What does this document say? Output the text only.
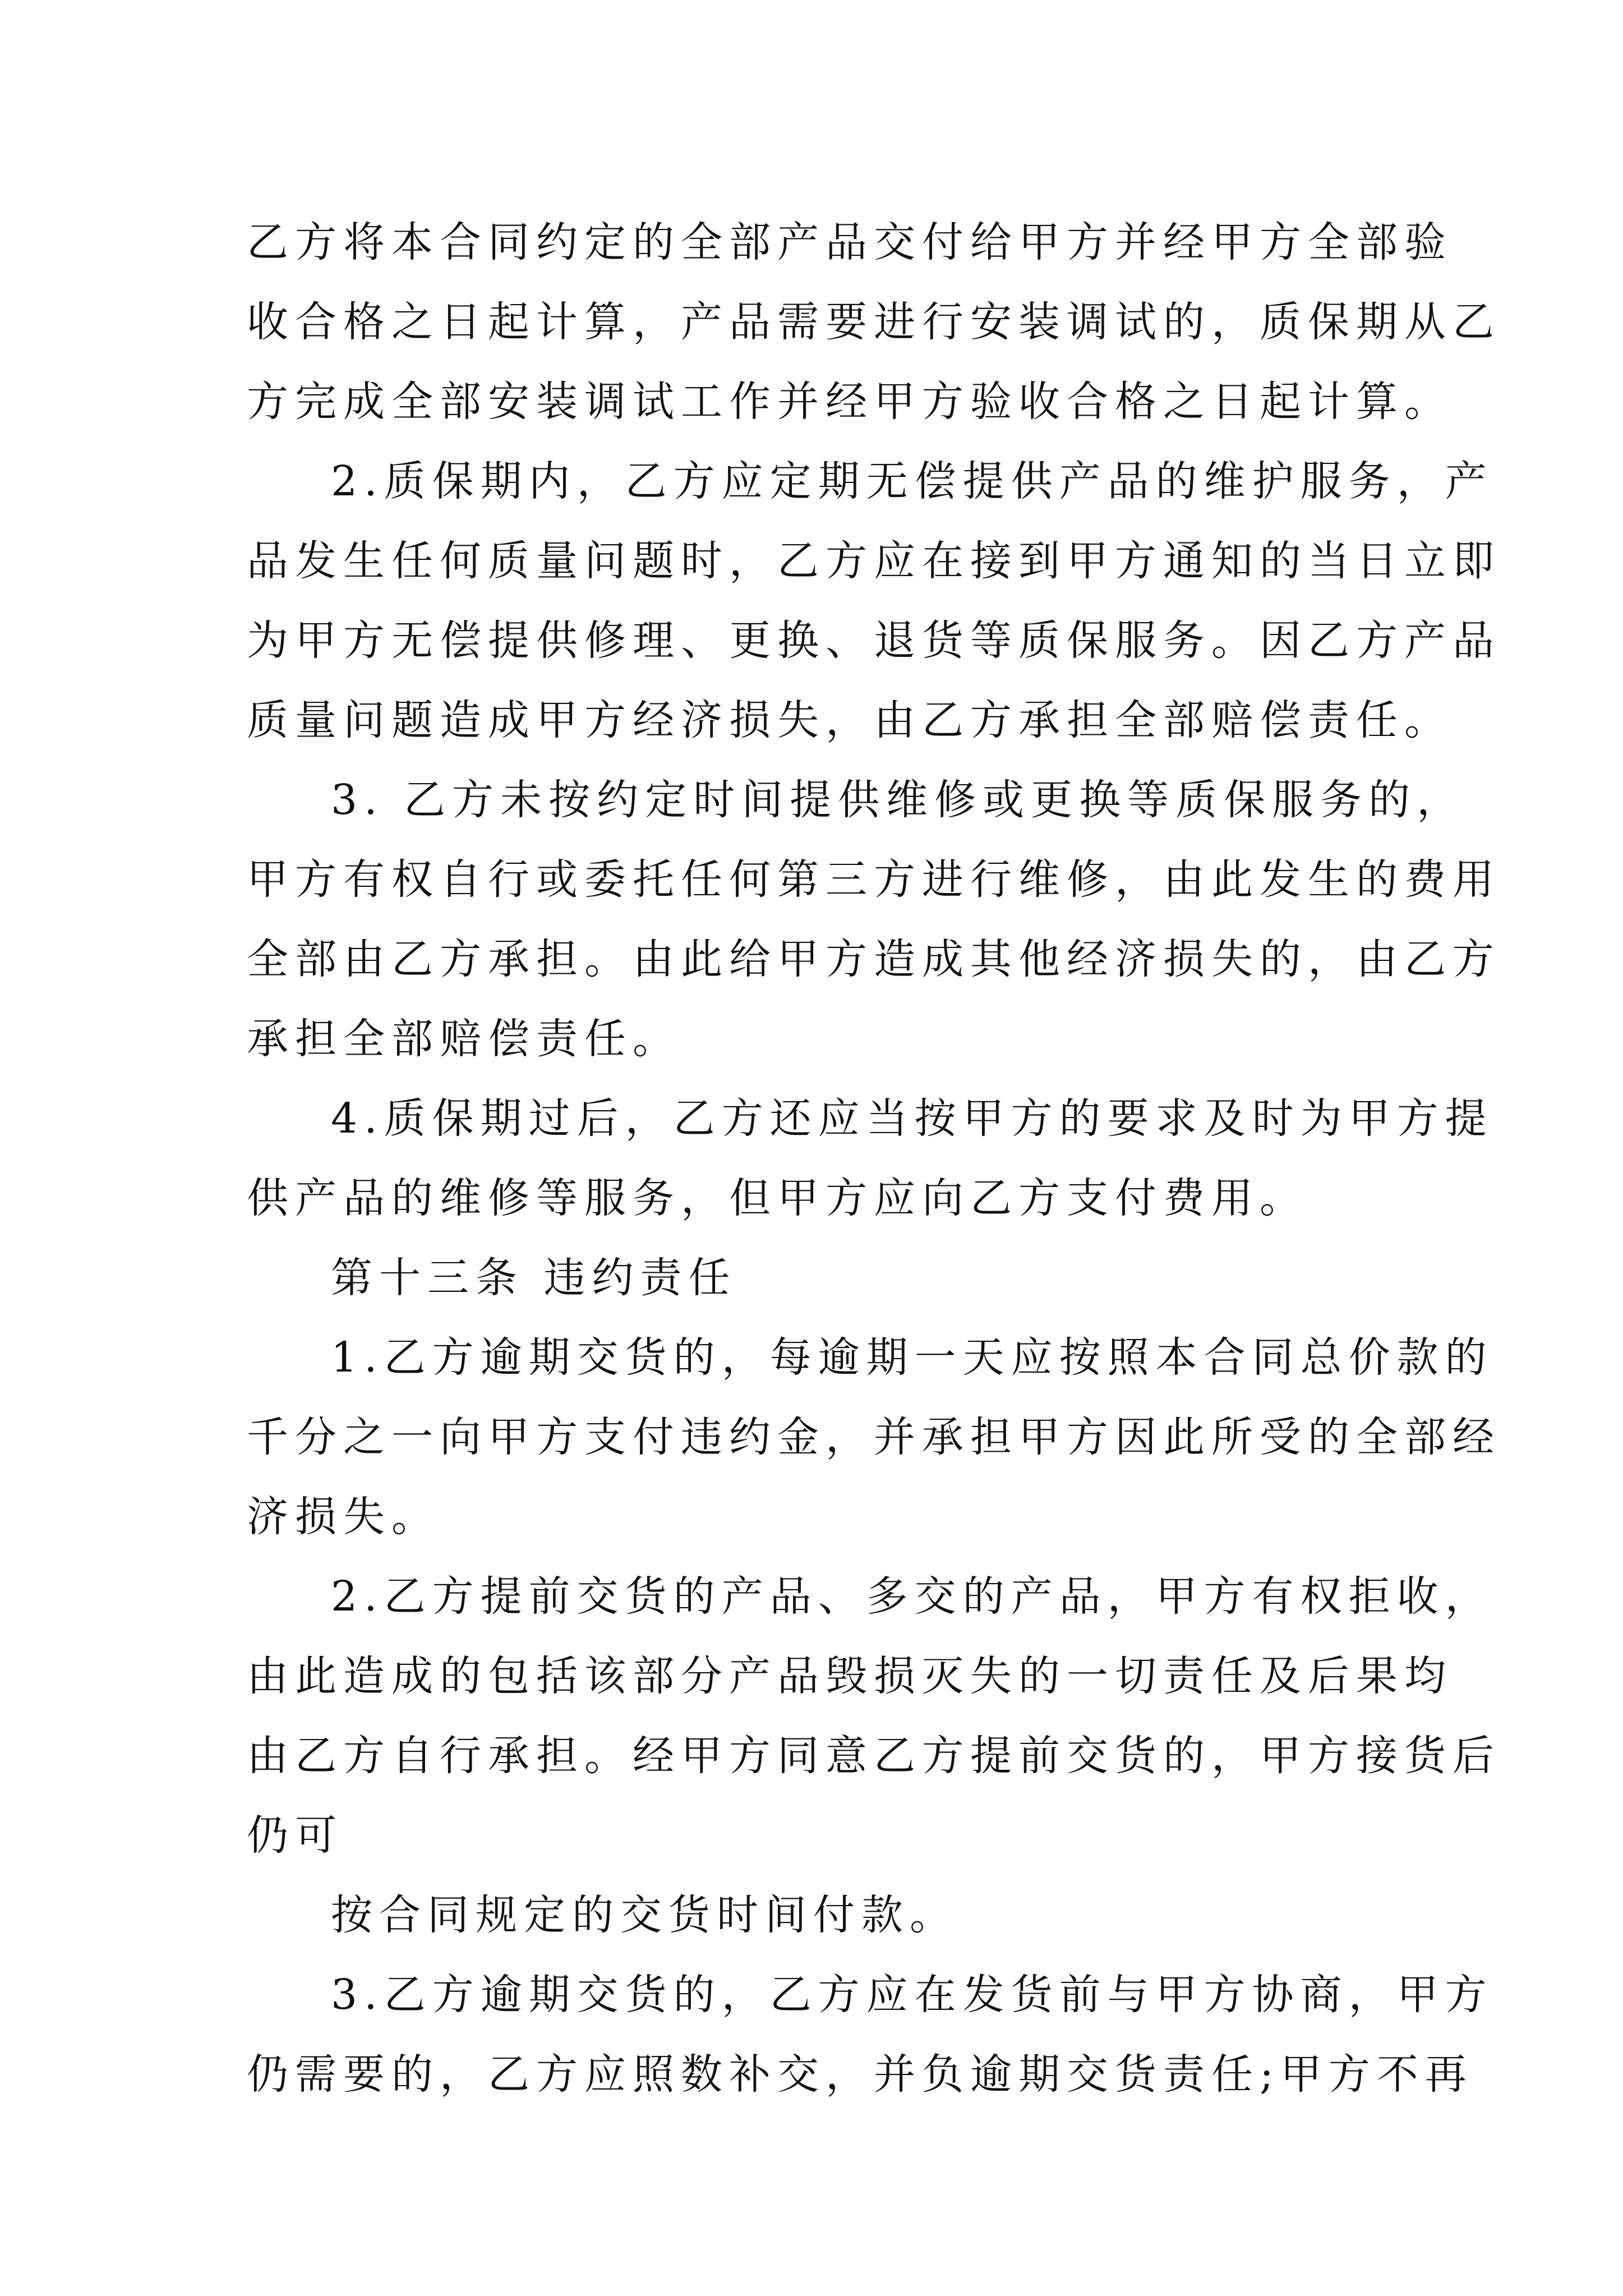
乙方将本合同约定的全部产品交付给甲方并经甲方全部验
收合格之日起计算，产品需要进行安装调试的，质保期从乙
方完成全部安装调试工作并经甲方验收合格之日起计算。
2.质保期内，乙方应定期无偿提供产品的维护服务，产
品发生任何质量问题时，乙方应在接到甲方通知的当日立即
为甲方无偿提供修理、更换、退货等质保服务。因乙方产品
质量问题造成甲方经济损失，由乙方承担全部赔偿责任。
3. 乙方未按约定时间提供维修或更换等质保服务的，
甲方有权自行或委托任何第三方进行维修，由此发生的费用
全部由乙方承担。由此给甲方造成其他经济损失的，由乙方
承担全部赔偿责任。
4.质保期过后，乙方还应当按甲方的要求及时为甲方提
供产品的维修等服务，但甲方应向乙方支付费用。
第十三条 违约责任
1.乙方逾期交货的，每逾期一天应按照本合同总价款的
千分之一向甲方支付违约金，并承担甲方因此所受的全部经
济损失。
2.乙方提前交货的产品、多交的产品，甲方有权拒收，
由此造成的包括该部分产品毁损灭失的一切责任及后果均
由乙方自行承担。经甲方同意乙方提前交货的，甲方接货后
仍可
按合同规定的交货时间付款。
3.乙方逾期交货的，乙方应在发货前与甲方协商，甲方
仍需要的，乙方应照数补交，并负逾期交货责任;甲方不再
